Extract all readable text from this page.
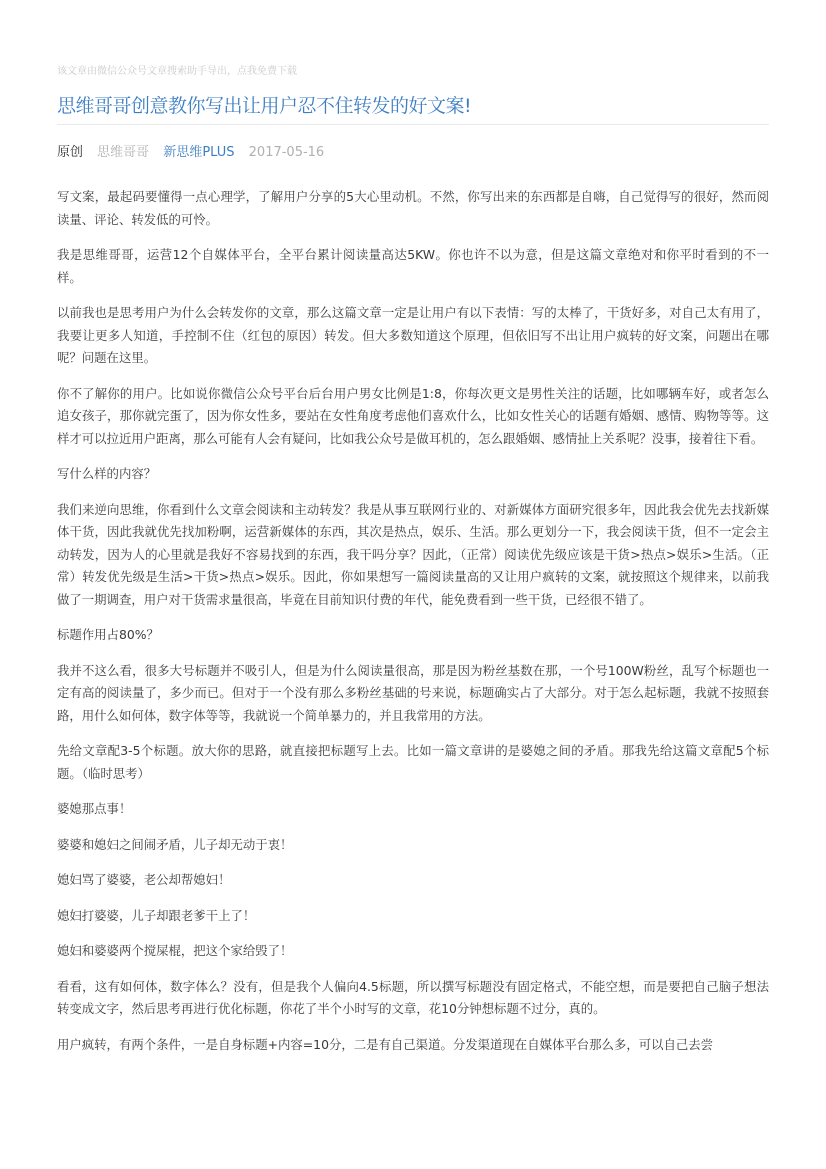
该文章由微信公众号文章搜索助手导出，点我免费下载
思维哥哥创意教你写出让用户忍不住转发的好文案!
原创 思维哥哥 新思维PLUS 2017-05-16

写文案，最起码要懂得一点心理学，了解用户分享的5大心里动机。不然，你写出来的东西都是自嗨，自己觉得写的很好，然而阅读量、评论、转发低的可怜。

我是思维哥哥，运营12个自媒体平台，全平台累计阅读量高达5KW。你也许不以为意，但是这篇文章绝对和你平时看到的不一样。

以前我也是思考用户为什么会转发你的文章，那么这篇文章一定是让用户有以下表情：写的太棒了，干货好多，对自己太有用了，我要让更多人知道，手控制不住（红包的原因）转发。但大多数知道这个原理，但依旧写不出让用户疯转的好文案，问题出在哪呢？问题在这里。

你不了解你的用户。比如说你微信公众号平台后台用户男女比例是1:8，你每次更文是男性关注的话题，比如哪辆车好，或者怎么追女孩子，那你就完蛋了，因为你女性多，要站在女性角度考虑他们喜欢什么，比如女性关心的话题有婚姻、感情、购物等等。这样才可以拉近用户距离，那么可能有人会有疑问，比如我公众号是做耳机的，怎么跟婚姻、感情扯上关系呢？没事，接着往下看。

写什么样的内容？

我们来逆向思维，你看到什么文章会阅读和主动转发？我是从事互联网行业的、对新媒体方面研究很多年，因此我会优先去找新媒体干货，因此我就优先找加粉啊，运营新媒体的东西，其次是热点，娱乐、生活。那么更划分一下，我会阅读干货，但不一定会主动转发，因为人的心里就是我好不容易找到的东西，我干吗分享？因此，（正常）阅读优先级应该是干货>热点>娱乐>生活。（正常）转发优先级是生活>干货>热点>娱乐。因此，你如果想写一篇阅读量高的又让用户疯转的文案，就按照这个规律来，以前我做了一期调查，用户对干货需求量很高，毕竟在目前知识付费的年代，能免费看到一些干货，已经很不错了。

标题作用占80%？

我并不这么看，很多大号标题并不吸引人，但是为什么阅读量很高，那是因为粉丝基数在那，一个号100W粉丝，乱写个标题也一定有高的阅读量了，多少而已。但对于一个没有那么多粉丝基础的号来说，标题确实占了大部分。对于怎么起标题，我就不按照套路，用什么如何体，数字体等等，我就说一个简单暴力的，并且我常用的方法。

先给文章配3-5个标题。放大你的思路，就直接把标题写上去。比如一篇文章讲的是婆媳之间的矛盾。那我先给这篇文章配5个标题。（临时思考）

婆媳那点事！

婆婆和媳妇之间闹矛盾，儿子却无动于衷！

媳妇骂了婆婆，老公却帮媳妇！

媳妇打婆婆，儿子却跟老爹干上了！

媳妇和婆婆两个搅屎棍，把这个家给毁了！

看看，这有如何体，数字体么？没有，但是我个人偏向4.5标题，所以撰写标题没有固定格式，不能空想，而是要把自己脑子想法转变成文字，然后思考再进行优化标题，你花了半个小时写的文章，花10分钟想标题不过分，真的。

用户疯转，有两个条件，一是自身标题+内容=10分，二是有自己渠道。分发渠道现在自媒体平台那么多，可以自己去尝
